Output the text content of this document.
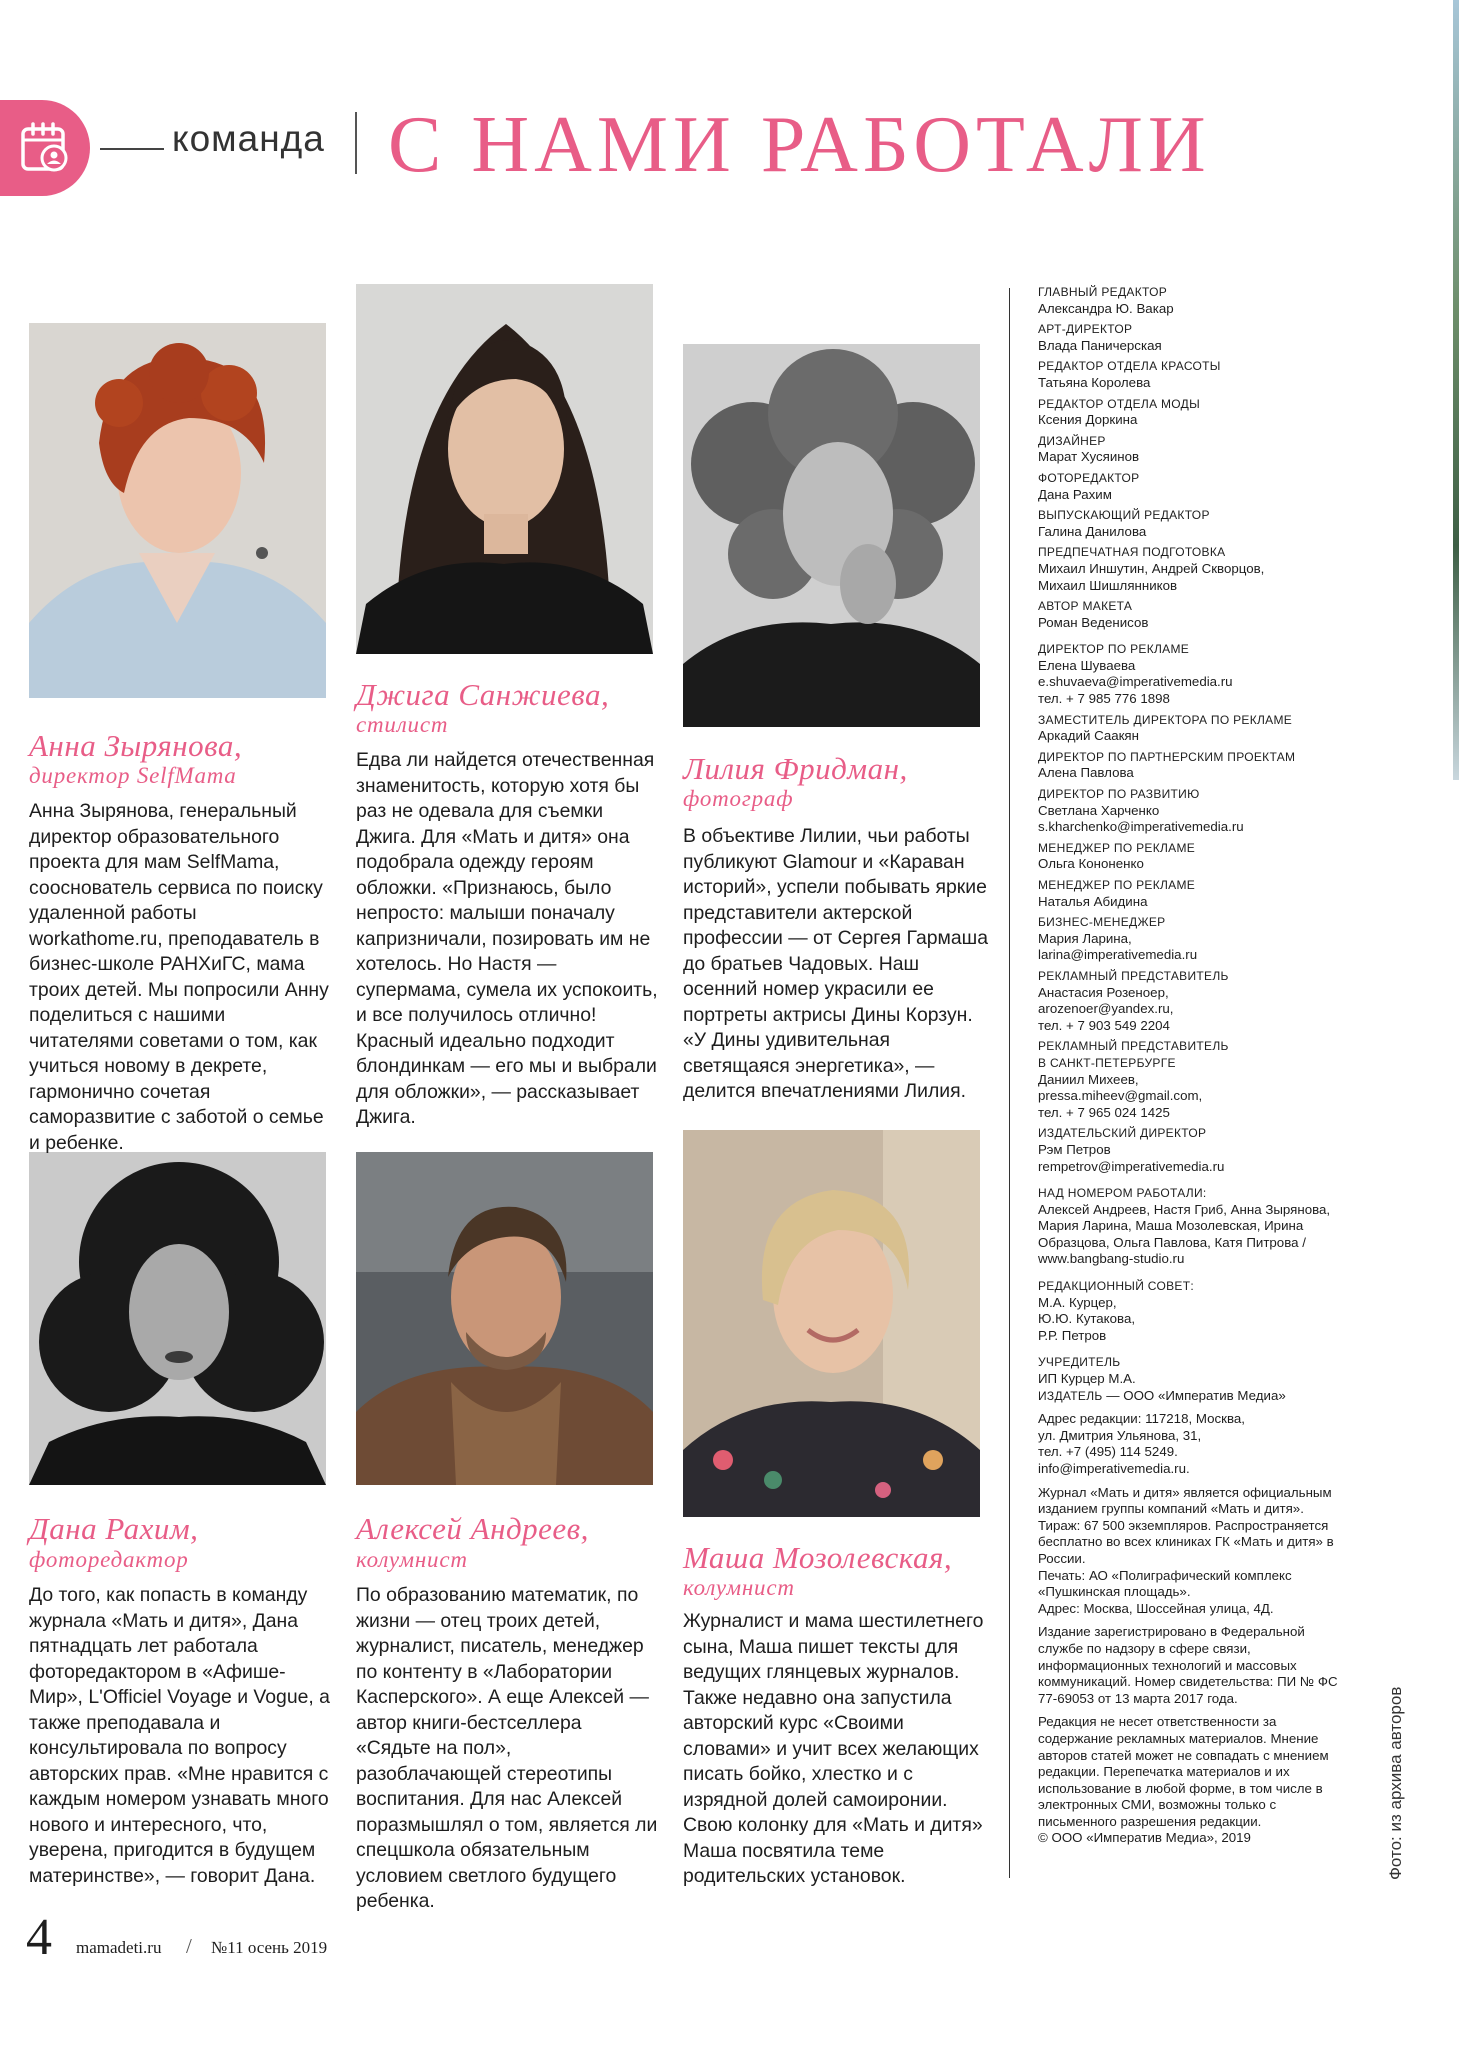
команда С НАМИ РАБОТАЛИ
Анна Зырянова,
директор SelfMama
Анна Зырянова, генеральный директор образовательного проекта для мам SelfMama, сооснователь сервиса по поиску удаленной работы workathome.ru, преподаватель в бизнес-школе РАНХиГС, мама троих детей. Мы попросили Анну поделиться с нашими читателями советами о том, как учиться новому в декрете, гармонично сочетая саморазвитие с заботой о семье и ребенке.
Джига Санжиева,
стилист
Едва ли найдется отечественная знаменитость, которую хотя бы раз не одевала для съемки Джига. Для «Мать и дитя» она подобрала одежду героям обложки. «Признаюсь, было непросто: малыши поначалу капризничали, позировать им не хотелось. Но Настя — супермама, сумела их успокоить, и все получилось отлично! Красный идеально подходит блондинкам — его мы и выбрали для обложки», — рассказывает Джига.
Лилия Фридман,
фотограф
В объективе Лилии, чьи работы публикуют Glamour и «Караван историй», успели побывать яркие представители актерской профессии — от Сергея Гармаша до братьев Чадовых. Наш осенний номер украсили ее портреты актрисы Дины Корзун. «У Дины удивительная светящаяся энергетика», — делится впечатлениями Лилия.
Дана Рахим,
фоторедактор
До того, как попасть в команду журнала «Мать и дитя», Дана пятнадцать лет работала фоторедактором в «Афише-Мир», L'Officiel Voyage и Vogue, а также преподавала и консультировала по вопросу авторских прав. «Мне нравится с каждым номером узнавать много нового и интересного, что, уверена, пригодится в будущем материнстве», — говорит Дана.
Алексей Андреев,
колумнист
По образованию математик, по жизни — отец троих детей, журналист, писатель, менеджер по контенту в «Лаборатории Касперского». А еще Алексей — автор книги-бестселлера «Сядьте на пол», разоблачающей стереотипы воспитания. Для нас Алексей поразмышлял о том, является ли спецшкола обязательным условием светлого будущего ребенка.
Маша Мозолевская,
колумнист
Журналист и мама шестилетнего сына, Маша пишет тексты для ведущих глянцевых журналов. Также недавно она запустила авторский курс «Своими словами» и учит всех желающих писать бойко, хлестко и с изрядной долей самоиронии. Свою колонку для «Мать и дитя» Маша посвятила теме родительских установок.
ГЛАВНЫЙ РЕДАКТОР
Александра Ю. Вакар
АРТ-ДИРЕКТОР
Влада Паничерская
РЕДАКТОР ОТДЕЛА КРАСОТЫ
Татьяна Королева
РЕДАКТОР ОТДЕЛА МОДЫ
Ксения Доркина
ДИЗАЙНЕР
Марат Хусяинов
ФОТОРЕДАКТОР
Дана Рахим
ВЫПУСКАЮЩИЙ РЕДАКТОР
Галина Данилова
ПРЕДПЕЧАТНАЯ ПОДГОТОВКА
Михаил Иншутин, Андрей Скворцов,
Михаил Шишлянников
АВТОР МАКЕТА
Роман Веденисов
ДИРЕКТОР ПО РЕКЛАМЕ
Елена Шуваева
e.shuvaeva@imperativemedia.ru
тел. + 7 985 776 1898
ЗАМЕСТИТЕЛЬ ДИРЕКТОРА ПО РЕКЛАМЕ
Аркадий Саакян
ДИРЕКТОР ПО ПАРТНЕРСКИМ ПРОЕКТАМ
Алена Павлова
ДИРЕКТОР ПО РАЗВИТИЮ
Светлана Харченко
s.kharchenko@imperativemedia.ru
МЕНЕДЖЕР ПО РЕКЛАМЕ
Ольга Кононенко
МЕНЕДЖЕР ПО РЕКЛАМЕ
Наталья Абидина
БИЗНЕС-МЕНЕДЖЕР
Мария Ларина,
larina@imperativemedia.ru
РЕКЛАМНЫЙ ПРЕДСТАВИТЕЛЬ
Анастасия Розеноер,
arozenoer@yandex.ru,
тел. + 7 903 549 2204
РЕКЛАМНЫЙ ПРЕДСТАВИТЕЛЬ
В САНКТ-ПЕТЕРБУРГЕ
Даниил Михеев,
pressa.miheev@gmail.com,
тел. + 7 965 024 1425
ИЗДАТЕЛЬСКИЙ ДИРЕКТОР
Рэм Петров
rempetrov@imperativemedia.ru
НАД НОМЕРОМ РАБОТАЛИ:
Алексей Андреев, Настя Гриб, Анна Зырянова, Мария Ларина, Маша Мозолевская, Ирина Образцова, Ольга Павлова, Катя Питрова / www.bangbang-studio.ru
РЕДАКЦИОННЫЙ СОВЕТ:
М.А. Курцер,
Ю.Ю. Кутакова,
Р.Р. Петров
УЧРЕДИТЕЛЬ
ИП Курцер М.А.
ИЗДАТЕЛЬ — ООО «Императив Медиа»
Адрес редакции: 117218, Москва,
ул. Дмитрия Ульянова, 31,
тел. +7 (495) 114 5249.
info@imperativemedia.ru.
Журнал «Мать и дитя» является официальным изданием группы компаний «Мать и дитя».
Тираж: 67 500 экземпляров. Распространяется бесплатно во всех клиниках ГК «Мать и дитя» в России.
Печать: АО «Полиграфический комплекс «Пушкинская площадь».
Адрес: Москва, Шоссейная улица, 4Д.
Издание зарегистрировано в Федеральной службе по надзору в сфере связи, информационных технологий и массовых коммуникаций. Номер свидетельства: ПИ № ФС 77-69053 от 13 марта 2017 года.
Редакция не несет ответственности за содержание рекламных материалов. Мнение авторов статей может не совпадать с мнением редакции. Перепечатка материалов и их использование в любой форме, в том числе в электронных СМИ, возможны только с письменного разрешения редакции.
© ООО «Императив Медиа», 2019	Фото: из архива авторов
4 mamadeti.ru / №11 осень 2019
